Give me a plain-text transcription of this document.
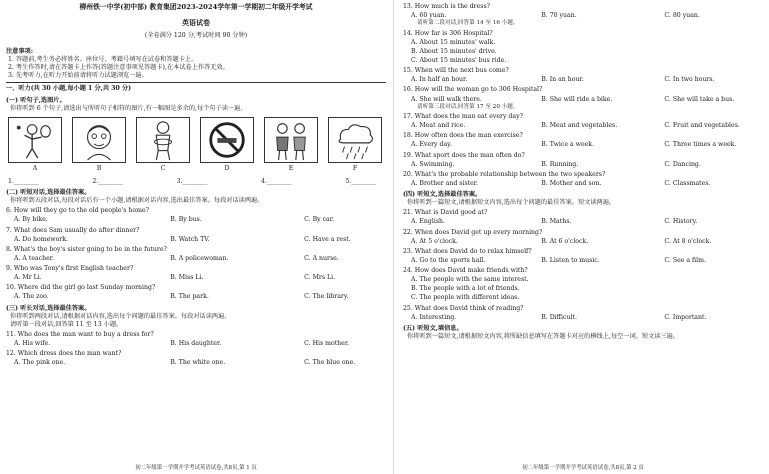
柳州铁一中学(初中部) 教育集团2023-2024学年第一学期初二年级开学考试
英语试卷
(全卷满分 120 分,考试时间 90 分钟)
注意事项:
1. 答题前,考生务必将姓名、座位号、考籍号填写在试卷和答题卡上。
2. 考生作答时,请在答题卡上作答(答题注意事项见答题卡),在本试卷上作答无效。
3. 先考听力,在听力开始前请将听力试题浏览一遍。
一、听力(共 30 小题,每小题 1 分,共 30 分)
(一) 听句子,选图片。
你将听到 6 个句子,请选出与所听句子相符的图片,有一幅图是多余的,每个句子读一遍。
A	B	C	D	E	F
1.________	2.________	3.________	4.________	5.________
(二) 听短对话,选择最佳答案。
你将听到五段对话,每段对话后有一个小题,请根据对话内容,选出最佳答案。每段对话读两遍。
6. How will they go to the old people's home?
A. By bike.	B. By bus.	C. By car.
7. What does Sam usually do after dinner?
A. Do homework.	B. Watch TV.	C. Have a rest.
8. What's the boy's sister going to be in the future?
A. A teacher.	B. A policewoman.	C. A nurse.
9. Who was Tony's first English teacher?
A. Mr Li.	B. Miss Li.	C. Mrs Li.
10. Where did the girl go last Sunday morning?
A. The zoo.	B. The park.	C. The library.
(三) 听长对话,选择最佳答案。
你将听到两段对话,请根据对话内容,选出每个问题的最佳答案。每段对话读两遍。
请听第一段对话,回答第 11 至 13 小题。
11. Who does the man want to buy a dress for?
A. His wife.	B. His daughter.	C. His mother.
12. Which dress does the man want?
A. The pink one.	B. The white one.	C. The blue one.
初二年级第一学期开学考试英语试卷,共8页,第 1 页
13. How much is the dress?
A. 60 yuan.	B. 70 yuan.	C. 80 yuan.
请听第二段对话,回答第 14 至 16 小题。
14. How far is 306 Hospital?
A. About 15 minutes' walk.
B. About 15 minutes' drive.
C. About 15 minutes' bus ride.
15. When will the next bus come?
A. In half an hour.	B. In an hour.	C. In two hours.
16. How will the woman go to 306 Hospital?
A. She will walk there.	B. She will ride a bike.	C. She will take a bus.
请听第三段对话,回答第 17 至 20 小题。
17. What does the man eat every day?
A. Meat and rice.	B. Meat and vegetables.	C. Fruit and vegetables.
18. How often does the man exercise?
A. Every day.	B. Twice a week.	C. Three times a week.
19. What sport does the man often do?
A. Swimming.	B. Running.	C. Dancing.
20. What's the probable relationship between the two speakers?
A. Brother and sister.	B. Mother and son.	C. Classmates.
(四) 听短文,选择最佳答案。
你将听到一篇短文,请根据短文内容,选出每个问题的最佳答案。短文读两遍。
21. What is David good at?
A. English.	B. Maths.	C. History.
22. When does David get up every morning?
A. At 5 o'clock.	B. At 6 o'clock.	C. At 8 o'clock.
23. What does David do to relax himself?
A. Go to the sports hall.	B. Listen to music.	C. See a film.
24. How does David make friends with?
A. The people with the same interest.
B. The people with a lot of friends.
C. The people with different ideas.
25. What does David think of reading?
A. Interesting.	B. Difficult.	C. Important.
(五) 听短文,填信息。
你将听到一篇短文,请根据短文内容,将所缺信息填写在答题卡对应的横线上,每空一词。短文读三遍。
初二年级第一学期开学考试英语试卷,共8页,第 2 页
